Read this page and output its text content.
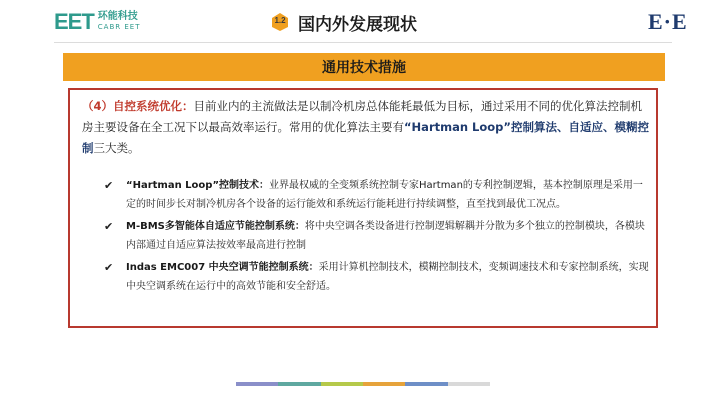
EET 环能科技
CABR EET
1.2 国内外发展现状	E·E
通用技术措施
（4）自控系统优化：目前业内的主流做法是以制冷机房总体能耗最低为目标，通过采用不同的优化算法控制机房主要设备在全工况下以最高效率运行。常用的优化算法主要有“Hartman Loop”控制算法、自适应、模糊控制三大类。
✔ “Hartman Loop”控制技术：业界最权威的全变频系统控制专家Hartman的专利控制逻辑，基本控制原理是采用一定的时间步长对制冷机房各个设备的运行能效和系统运行能耗进行持续调整，直至找到最优工况点。
✔ M-BMS多智能体自适应节能控制系统：将中央空调各类设备进行控制逻辑解耦并分散为多个独立的控制模块，各模块内部通过自适应算法按效率最高进行控制
✔ Indas EMC007 中央空调节能控制系统：采用计算机控制技术，模糊控制技术，变频调速技术和专家控制系统，实现中央空调系统在运行中的高效节能和安全舒适。
